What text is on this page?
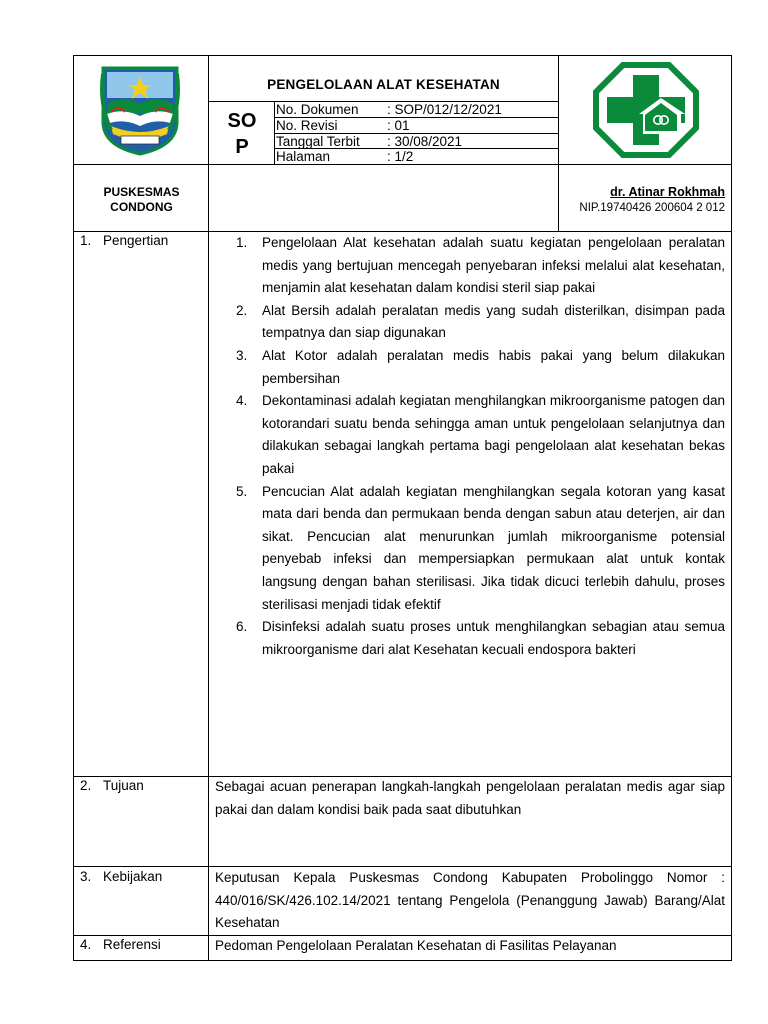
PENGELOLAAN ALAT KESEHATAN
SO
P
No. Dokumen : SOP/012/12/2021
No. Revisi	: 01
Tanggal Terbit : 30/08/2021
Halaman	: 1/2
PUSKESMAS
CONDONG
dr. Atinar Rokhmah
NIP.19740426 200604 2 012
1. Pengertian	1. Pengelolaan Alat kesehatan adalah suatu kegiatan pengelolaan peralatan medis yang bertujuan mencegah penyebaran infeksi melalui alat kesehatan, menjamin alat kesehatan dalam kondisi steril siap pakai
2. Alat Bersih adalah peralatan medis yang sudah disterilkan, disimpan pada tempatnya dan siap digunakan
3. Alat Kotor adalah peralatan medis habis pakai yang belum dilakukan pembersihan
4. Dekontaminasi adalah kegiatan menghilangkan mikroorganisme patogen dan kotorandari suatu benda sehingga aman untuk pengelolaan selanjutnya dan dilakukan sebagai langkah pertama bagi pengelolaan alat kesehatan bekas pakai
5. Pencucian Alat adalah kegiatan menghilangkan segala kotoran yang kasat mata dari benda dan permukaan benda dengan sabun atau deterjen, air dan sikat. Pencucian alat menurunkan jumlah mikroorganisme potensial penyebab infeksi dan mempersiapkan permukaan alat untuk kontak langsung dengan bahan sterilisasi. Jika tidak dicuci terlebih dahulu, proses sterilisasi menjadi tidak efektif
6. Disinfeksi adalah suatu proses untuk menghilangkan sebagian atau semua mikroorganisme dari alat Kesehatan kecuali endospora bakteri
2. Tujuan	Sebagai acuan penerapan langkah-langkah pengelolaan peralatan medis agar siap pakai dan dalam kondisi baik pada saat dibutuhkan
3. Kebijakan	Keputusan Kepala Puskesmas Condong Kabupaten Probolinggo Nomor : 440/016/SK/426.102.14/2021 tentang Pengelola (Penanggung Jawab) Barang/Alat Kesehatan
4. Referensi	Pedoman Pengelolaan Peralatan Kesehatan di Fasilitas Pelayanan
